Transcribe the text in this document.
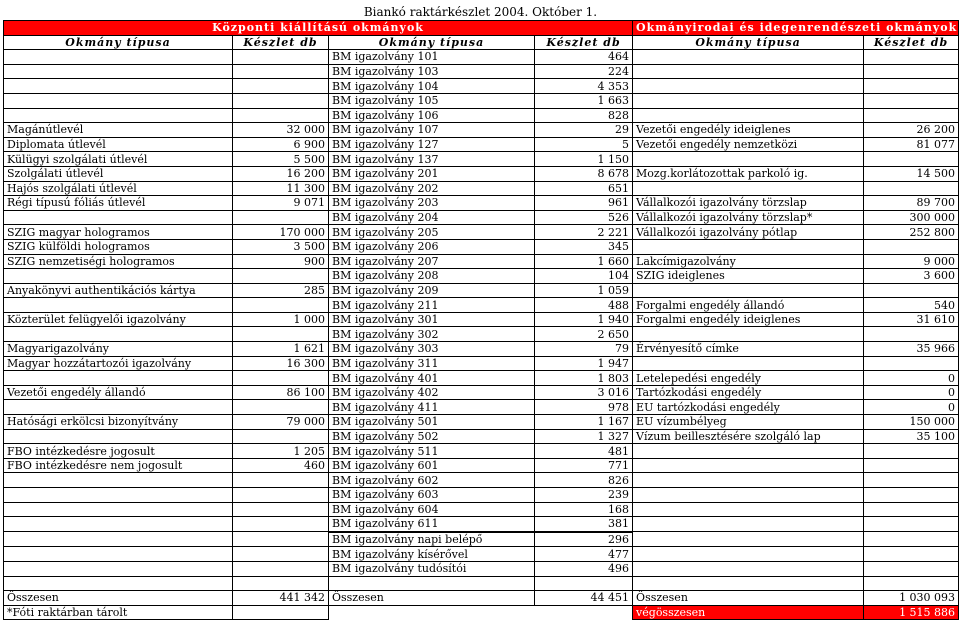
Biankó raktárkészlet 2004. Október 1.
Központi kiállítású okmányok				Okmányirodai és idegenrendészeti okmányok	
Okmány típusa	Készlet db	Okmány típusa	Készlet db	Okmány típusa	Készlet db
		BM igazolvány 101	464		
		BM igazolvány 103	224		
		BM igazolvány 104	4 353		
		BM igazolvány 105	1 663		
		BM igazolvány 106	828		
Magánútlevél	32 000	BM igazolvány 107	29	Vezetői engedély ideiglenes	26 200
Diplomata útlevél	6 900	BM igazolvány 127	5	Vezetői engedély nemzetközi	81 077
Külügyi szolgálati útlevél	5 500	BM igazolvány 137	1 150		
Szolgálati útlevél	16 200	BM igazolvány 201	8 678	Mozg.korlátozottak parkoló ig.	14 500
Hajós szolgálati útlevél	11 300	BM igazolvány 202	651		
Régi típusú fóliás útlevél	9 071	BM igazolvány 203	961	Vállalkozói igazolvány törzslap	89 700
		BM igazolvány 204	526	Vállalkozói igazolvány törzslap*	300 000
SZIG magyar hologramos	170 000	BM igazolvány 205	2 221	Vállalkozói igazolvány pótlap	252 800
SZIG külföldi hologramos	3 500	BM igazolvány 206	345		
SZIG nemzetiségi hologramos	900	BM igazolvány 207	1 660	Lakcímigazolvány	9 000
		BM igazolvány 208	104	SZIG ideiglenes	3 600
Anyakönyvi authentikációs kártya	285	BM igazolvány 209	1 059		
		BM igazolvány 211	488	Forgalmi engedély állandó	540
Közterület felügyelői igazolvány	1 000	BM igazolvány 301	1 940	Forgalmi engedély ideiglenes	31 610
		BM igazolvány 302	2 650		
Magyarigazolvány	1 621	BM igazolvány 303	79	Érvényesítő címke	35 966
Magyar hozzátartozói igazolvány	16 300	BM igazolvány 311	1 947		
		BM igazolvány 401	1 803	Letelepedési engedély	0
Vezetői engedély állandó	86 100	BM igazolvány 402	3 016	Tartózkodási engedély	0
		BM igazolvány 411	978	EU tartózkodási engedély	0
Hatósági erkölcsi bizonyítvány	79 000	BM igazolvány 501	1 167	EU vízumbélyeg	150 000
		BM igazolvány 502	1 327	Vízum beillesztésére szolgáló lap	35 100
FBO intézkedésre jogosult	1 205	BM igazolvány 511	481		
FBO intézkedésre nem jogosult	460	BM igazolvány 601	771		
		BM igazolvány 602	826		
		BM igazolvány 603	239		
		BM igazolvány 604	168		
		BM igazolvány 611	381		
		BM igazolvány napi belépő	296		
		BM igazolvány kísérővel	477		
		BM igazolvány tudósítói	496		

Összesen	441 342	Összesen	44 451	Összesen	1 030 093
*Fóti raktárban tárolt				végösszesen	1 515 886
